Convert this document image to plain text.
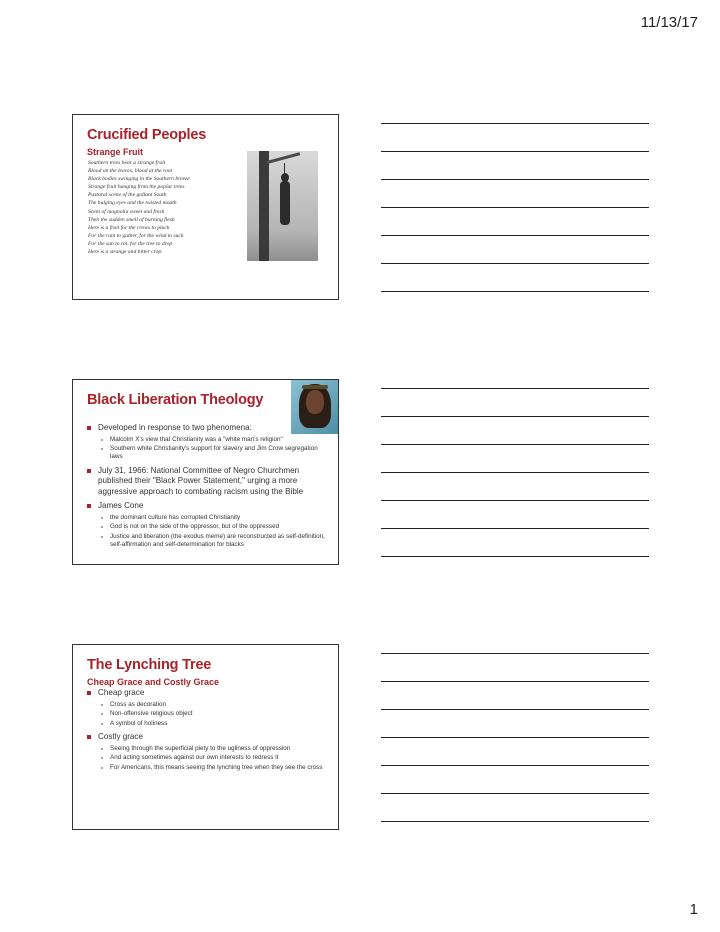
11/13/17
Crucified Peoples
Strange Fruit
Southern trees bear a strange fruit
Blood on the leaves, blood at the root
Black bodies swinging in the Southern breeze
Strange fruit hanging from the poplar trees
Pastoral scene of the gallant South
The bulging eyes and the twisted mouth
Scent of magnolia sweet and fresh
Then the sudden smell of burning flesh
Here is a fruit for the crows to pluck
For the rain to gather, for the wind to suck
For the sun to rot, for the tree to drop
Here is a strange and bitter crop.
Black Liberation Theology
Developed in response to two phenomena:
Malcolm X's view that Christianity was a "white man's religion"
Southern white Christianity's support for slavery and Jim Crow segregation laws
July 31, 1966: National Committee of Negro Churchmen published their "Black Power Statement," urging a more aggressive approach to combating racism using the Bible
James Cone
the dominant culture has corrupted Christianity
God is not on the side of the oppressor, but of the oppressed
Justice and liberation (the exodus meme) are reconstructed as self-definition, self-affirmation and self-determination for blacks
The Lynching Tree
Cheap Grace and Costly Grace
Cheap grace
Cross as decoration
Non-offensive religious object
A symbol of holiness
Costly grace
Seeing through the superficial piety to the ugliness of oppression
And acting sometimes against our own interests to redress it
For Americans, this means seeing the lynching tree when they see the cross
1
